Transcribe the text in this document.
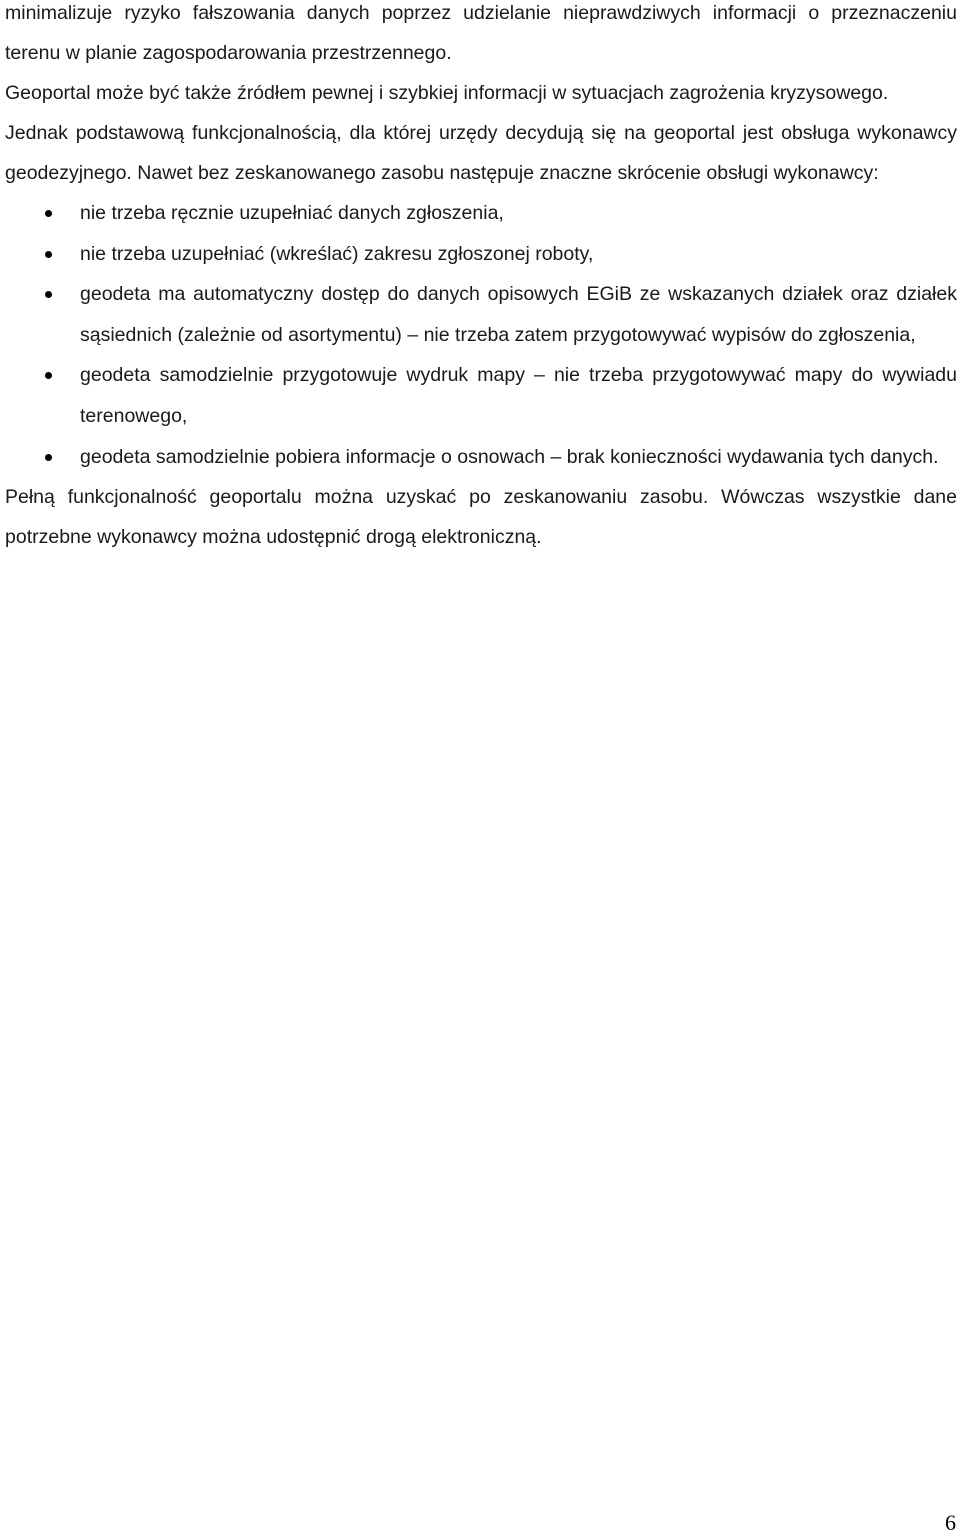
minimalizuje ryzyko fałszowania danych poprzez udzielanie nieprawdziwych informacji o przeznaczeniu terenu w planie zagospodarowania przestrzennego.

Geoportal może być także źródłem pewnej i szybkiej informacji w sytuacjach zagrożenia kryzysowego.

Jednak podstawową funkcjonalnością, dla której urzędy decydują się na geoportal jest obsługa wykonawcy geodezyjnego. Nawet bez zeskanowanego zasobu następuje znaczne skrócenie obsługi wykonawcy:

nie trzeba ręcznie uzupełniać danych zgłoszenia,
nie trzeba uzupełniać (wkreślać) zakresu zgłoszonej roboty,
geodeta ma automatyczny dostęp do danych opisowych EGiB ze wskazanych działek oraz działek sąsiednich (zależnie od asortymentu) – nie trzeba zatem przygotowywać wypisów do zgłoszenia,
geodeta samodzielnie przygotowuje wydruk mapy – nie trzeba przygotowywać mapy do wywiadu terenowego,
geodeta samodzielnie pobiera informacje o osnowach – brak konieczności wydawania tych danych.

Pełną funkcjonalność geoportalu można uzyskać po zeskanowaniu zasobu. Wówczas wszystkie dane potrzebne wykonawcy można udostępnić drogą elektroniczną.

6
